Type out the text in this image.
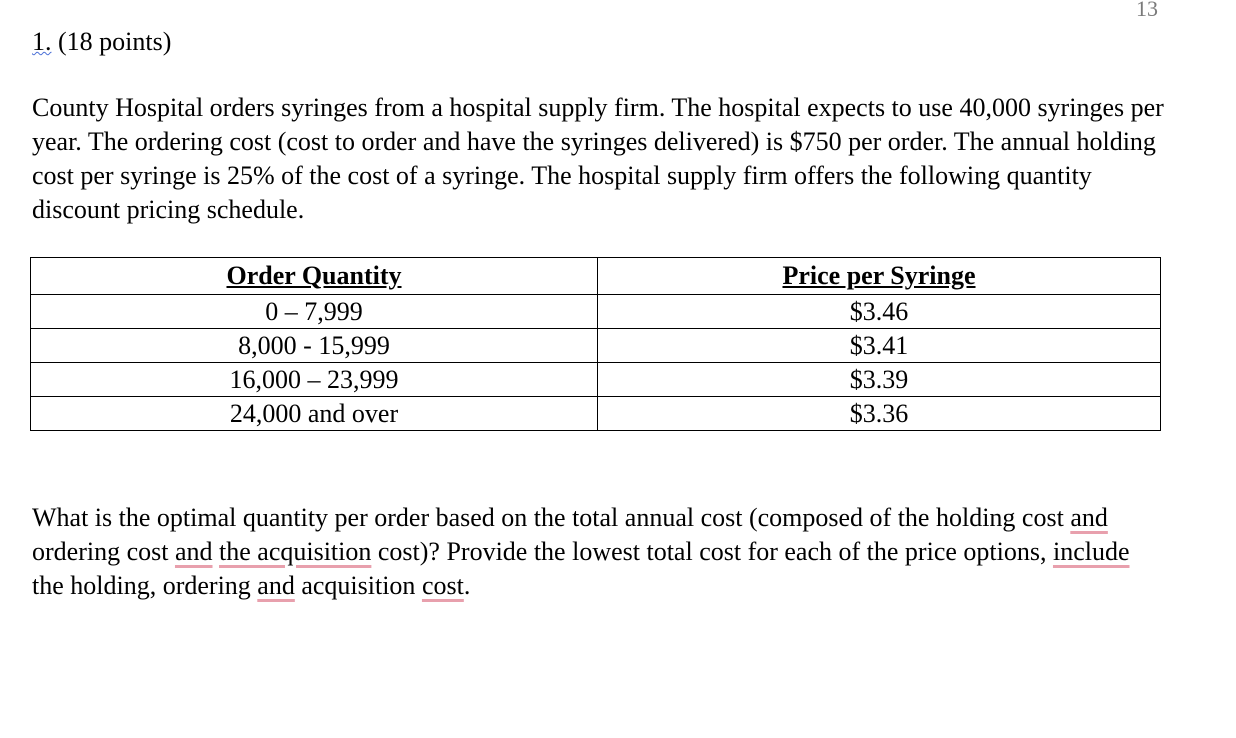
13
1. (18 points)

County Hospital orders syringes from a hospital supply firm. The hospital expects to use 40,000 syringes per year. The ordering cost (cost to order and have the syringes delivered) is $750 per order. The annual holding cost per syringe is 25% of the cost of a syringe. The hospital supply firm offers the following quantity discount pricing schedule.

Order Quantity	Price per Syringe
0 – 7,999	$3.46
8,000 - 15,999	$3.41
16,000 – 23,999	$3.39
24,000 and over	$3.36

What is the optimal quantity per order based on the total annual cost (composed of the holding cost and ordering cost and the acquisition cost)? Provide the lowest total cost for each of the price options, include the holding, ordering and acquisition cost.
